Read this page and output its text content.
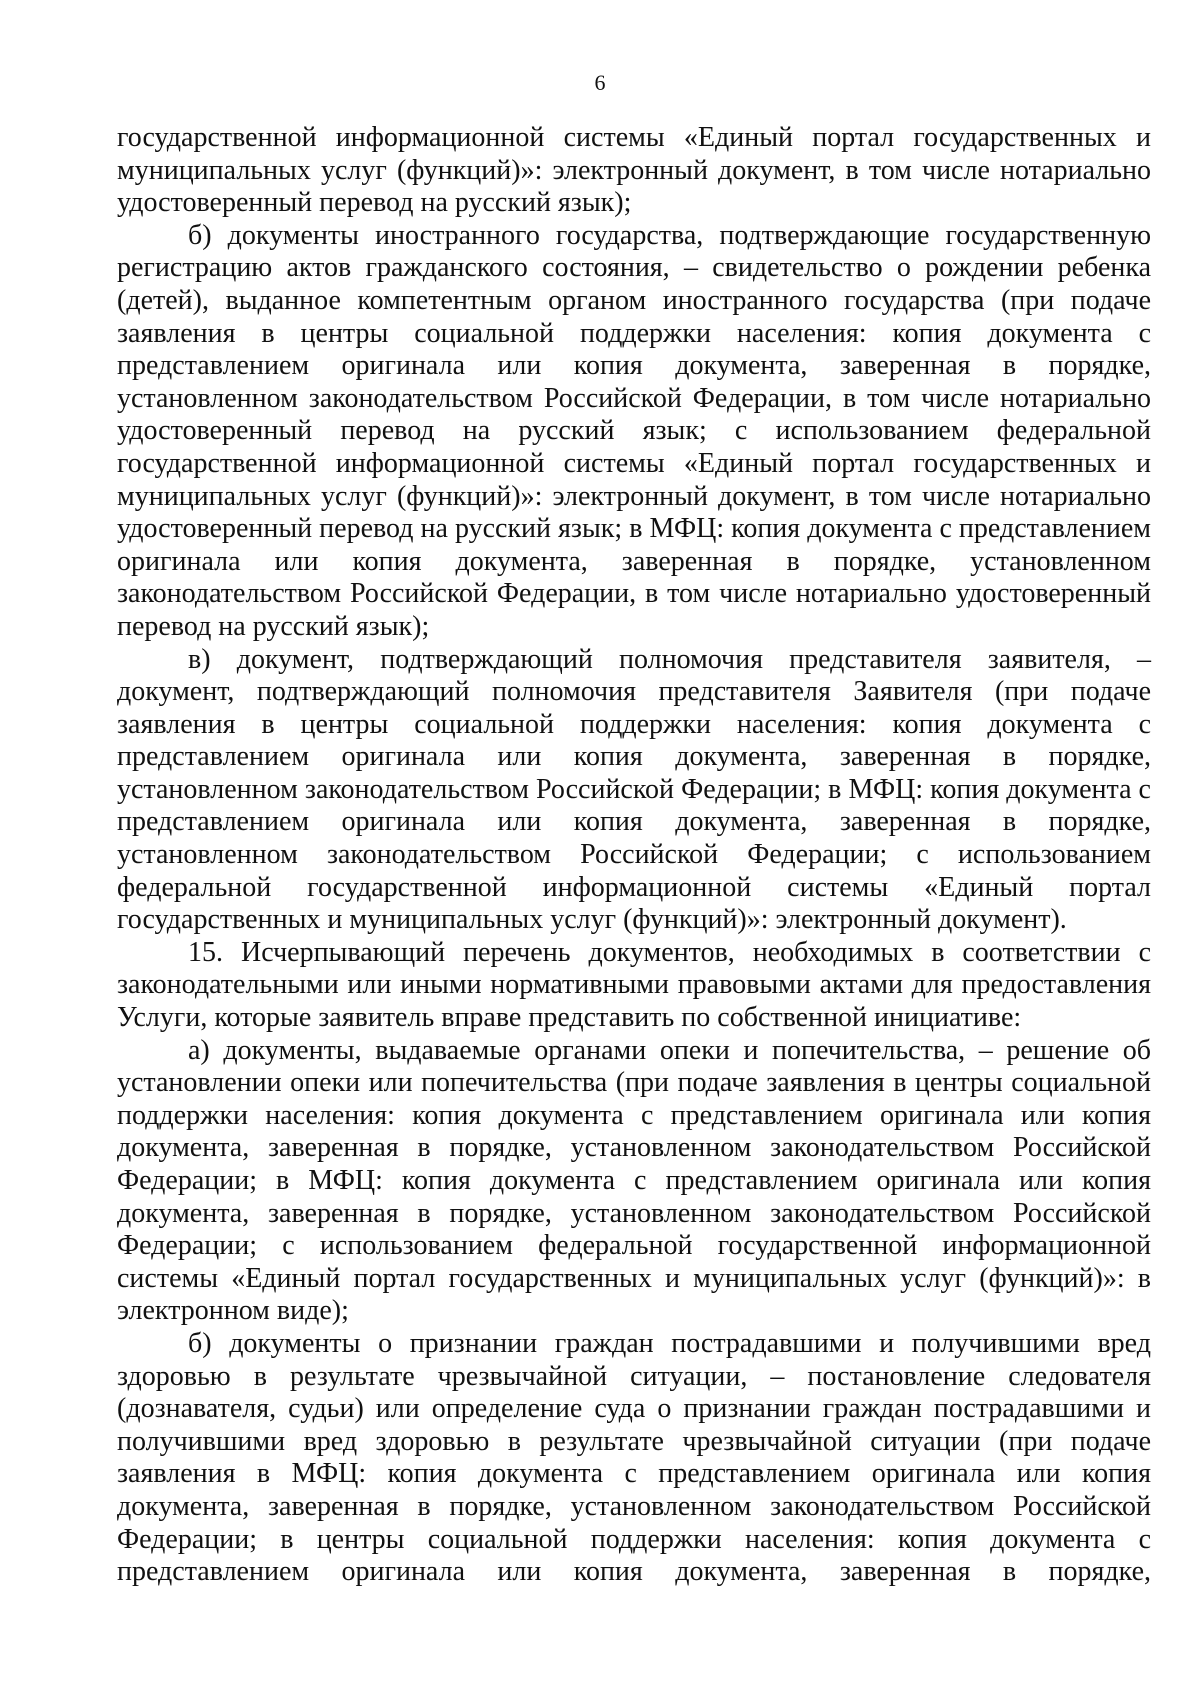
6

государственной информационной системы «Единый портал государственных и муниципальных услуг (функций)»: электронный документ, в том числе нотариально удостоверенный перевод на русский язык);

б) документы иностранного государства, подтверждающие государственную регистрацию актов гражданского состояния, – свидетельство о рождении ребенка (детей), выданное компетентным органом иностранного государства (при подаче заявления в центры социальной поддержки населения: копия документа с представлением оригинала или копия документа, заверенная в порядке, установленном законодательством Российской Федерации, в том числе нотариально удостоверенный перевод на русский язык; с использованием федеральной государственной информационной системы «Единый портал государственных и муниципальных услуг (функций)»: электронный документ, в том числе нотариально удостоверенный перевод на русский язык; в МФЦ: копия документа с представлением оригинала или копия документа, заверенная в порядке, установленном законодательством Российской Федерации, в том числе нотариально удостоверенный перевод на русский язык);

в) документ, подтверждающий полномочия представителя заявителя, – документ, подтверждающий полномочия представителя Заявителя (при подаче заявления в центры социальной поддержки населения: копия документа с представлением оригинала или копия документа, заверенная в порядке, установленном законодательством Российской Федерации; в МФЦ: копия документа с представлением оригинала или копия документа, заверенная в порядке, установленном законодательством Российской Федерации; с использованием федеральной государственной информационной системы «Единый портал государственных и муниципальных услуг (функций)»: электронный документ).

15. Исчерпывающий перечень документов, необходимых в соответствии с законодательными или иными нормативными правовыми актами для предоставления Услуги, которые заявитель вправе представить по собственной инициативе:

а) документы, выдаваемые органами опеки и попечительства, – решение об установлении опеки или попечительства (при подаче заявления в центры социальной поддержки населения: копия документа с представлением оригинала или копия документа, заверенная в порядке, установленном законодательством Российской Федерации; в МФЦ: копия документа с представлением оригинала или копия документа, заверенная в порядке, установленном законодательством Российской Федерации; с использованием федеральной государственной информационной системы «Единый портал государственных и муниципальных услуг (функций)»: в электронном виде);

б) документы о признании граждан пострадавшими и получившими вред здоровью в результате чрезвычайной ситуации, – постановление следователя (дознавателя, судьи) или определение суда о признании граждан пострадавшими и получившими вред здоровью в результате чрезвычайной ситуации (при подаче заявления в МФЦ: копия документа с представлением оригинала или копия документа, заверенная в порядке, установленном законодательством Российской Федерации; в центры социальной поддержки населения: копия документа с представлением оригинала или копия документа, заверенная в порядке,
